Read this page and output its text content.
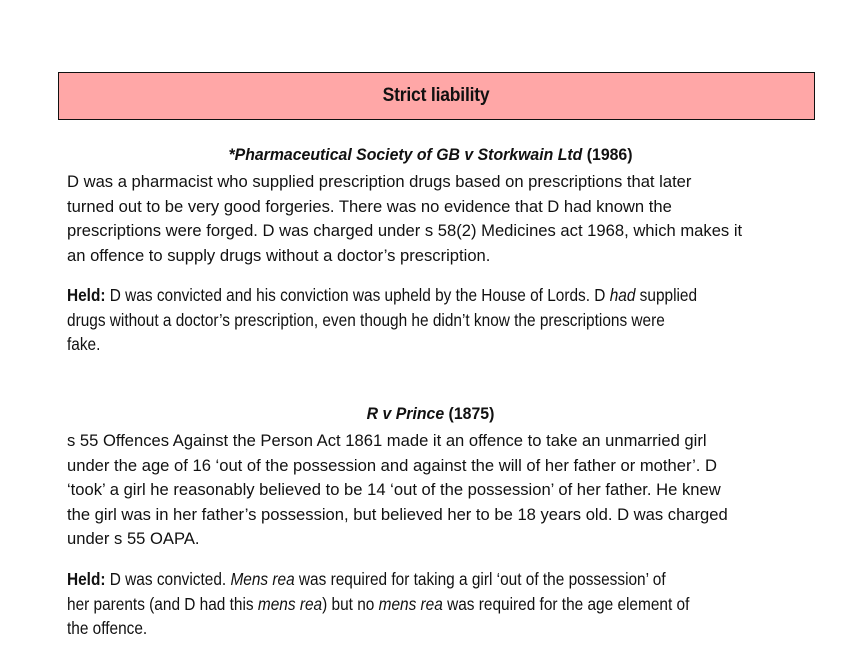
Strict liability

*Pharmaceutical Society of GB v Storkwain Ltd (1986)

D was a pharmacist who supplied prescription drugs based on prescriptions that later
turned out to be very good forgeries. There was no evidence that D had known the
prescriptions were forged. D was charged under s 58(2) Medicines act 1968, which makes it
an offence to supply drugs without a doctor’s prescription.
Held: D was convicted and his conviction was upheld by the House of Lords. D had supplied
drugs without a doctor’s prescription, even though he didn’t know the prescriptions were
fake.

R v Prince (1875)

s 55 Offences Against the Person Act 1861 made it an offence to take an unmarried girl
under the age of 16 ‘out of the possession and against the will of her father or mother’. D
‘took’ a girl he reasonably believed to be 14 ‘out of the possession’ of her father. He knew
the girl was in her father’s possession, but believed her to be 18 years old. D was charged
under s 55 OAPA.
Held: D was convicted. Mens rea was required for taking a girl ‘out of the possession’ of
her parents (and D had this mens rea) but no mens rea was required for the age element of
the offence.
